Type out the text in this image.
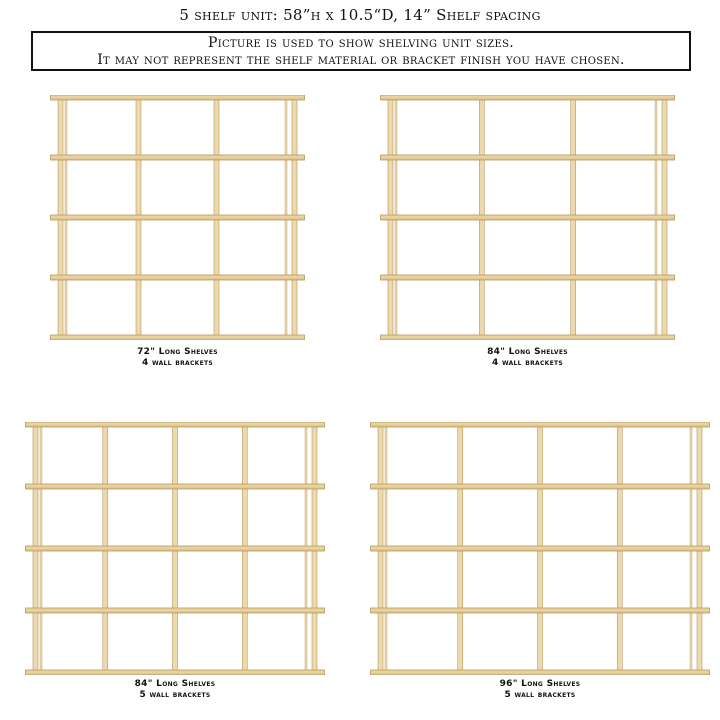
5 shelf unit: 58”h x 10.5“D, 14” Shelf spacing
Picture is used to show shelving unit sizes.
It may not represent the shelf material or bracket finish you have chosen.
72" Long Shelves
4 wall brackets
84" Long Shelves
4 wall brackets
84" Long Shelves
5 wall brackets
96" Long Shelves
5 wall brackets
